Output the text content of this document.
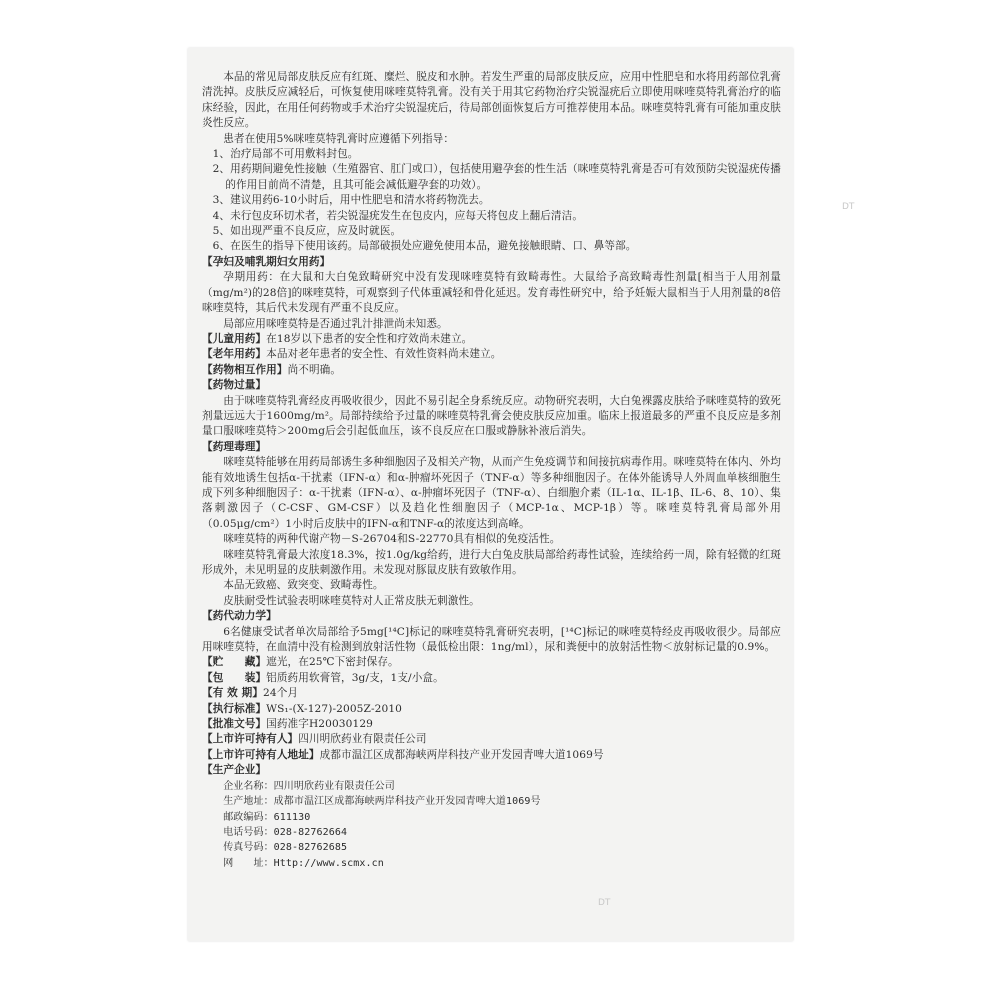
本品的常见局部皮肤反应有红斑、糜烂、脱皮和水肿。若发生严重的局部皮肤反应，应用中性肥皂和水将用药部位乳膏清洗掉。皮肤反应减轻后，可恢复使用咪喹莫特乳膏。没有关于用其它药物治疗尖锐湿疣后立即使用咪喹莫特乳膏治疗的临床经验，因此，在用任何药物或手术治疗尖锐湿疣后，待局部创面恢复后方可推荐使用本品。咪喹莫特乳膏有可能加重皮肤炎性反应。

患者在使用5%咪喹莫特乳膏时应遵循下列指导：

1、治疗局部不可用敷料封包。

2、用药期间避免性接触（生殖器官、肛门或口），包括使用避孕套的性生活（咪喹莫特乳膏是否可有效预防尖锐湿疣传播的作用目前尚不清楚，且其可能会减低避孕套的功效）。

3、建议用药6-10小时后，用中性肥皂和清水将药物洗去。

4、未行包皮环切术者，若尖锐湿疣发生在包皮内，应每天将包皮上翻后清洁。

5、如出现严重不良反应，应及时就医。

6、在医生的指导下使用该药。局部破损处应避免使用本品，避免接触眼睛、口、鼻等部。

【孕妇及哺乳期妇女用药】

孕期用药：在大鼠和大白兔致畸研究中没有发现咪喹莫特有致畸毒性。大鼠给予高致畸毒性剂量[相当于人用剂量（mg/m²)的28倍]的咪喹莫特，可观察到子代体重减轻和骨化延迟。发育毒性研究中，给予妊娠大鼠相当于人用剂量的8倍咪喹莫特，其后代未发现有严重不良反应。

局部应用咪喹莫特是否通过乳汁排泄尚未知悉。

【儿童用药】在18岁以下患者的安全性和疗效尚未建立。

【老年用药】本品对老年患者的安全性、有效性资料尚未建立。

【药物相互作用】尚不明确。

【药物过量】

由于咪喹莫特乳膏经皮再吸收很少，因此不易引起全身系统反应。动物研究表明，大白兔裸露皮肤给予咪喹莫特的致死剂量远远大于1600mg/m²。局部持续给予过量的咪喹莫特乳膏会使皮肤反应加重。临床上报道最多的严重不良反应是多剂量口服咪喹莫特＞200mg后会引起低血压，该不良反应在口服或静脉补液后消失。

【药理毒理】

咪喹莫特能够在用药局部诱生多种细胞因子及相关产物，从而产生免疫调节和间接抗病毒作用。咪喹莫特在体内、外均能有效地诱生包括α-干扰素（IFN-α）和α-肿瘤坏死因子（TNF-α）等多种细胞因子。在体外能诱导人外周血单核细胞生成下列多种细胞因子：α-干扰素（IFN-α）、α-肿瘤坏死因子（TNF-α）、白细胞介素（IL-1α、IL-1β、IL-6、8、10）、集落刺激因子（C-CSF、GM-CSF）以及趋化性细胞因子（MCP-1α、MCP-1β）等。咪喹莫特乳膏局部外用（0.05μg/cm²）1小时后皮肤中的IFN-α和TNF-α的浓度达到高峰。

咪喹莫特的两种代谢产物－S-26704和S-22770具有相似的免疫活性。

咪喹莫特乳膏最大浓度18.3%，按1.0g/kg给药，进行大白兔皮肤局部给药毒性试验，连续给药一周，除有轻微的红斑形成外，未见明显的皮肤刺激作用。未发现对豚鼠皮肤有致敏作用。

本品无致癌、致突变、致畸毒性。

皮肤耐受性试验表明咪喹莫特对人正常皮肤无刺激性。

【药代动力学】

6名健康受试者单次局部给予5mg[¹⁴C]标记的咪喹莫特乳膏研究表明，[¹⁴C]标记的咪喹莫特经皮再吸收很少。局部应用咪喹莫特，在血清中没有检测到放射活性物（最低检出限：1ng/ml），尿和粪便中的放射活性物＜放射标记量的0.9%。

【贮　　藏】遮光，在25℃下密封保存。

【包　　装】铝质药用软膏管，3g/支，1支/小盒。

【有 效 期】24个月

【执行标准】WS₁-(X-127)-2005Z-2010

【批准文号】国药准字H20030129

【上市许可持有人】四川明欣药业有限责任公司

【上市许可持有人地址】成都市温江区成都海峡两岸科技产业开发园青啤大道1069号

【生产企业】

企业名称：四川明欣药业有限责任公司

生产地址：成都市温江区成都海峡两岸科技产业开发园青啤大道1069号

邮政编码：611130

电话号码：028-82762664

传真号码：028-82762685

网　　址：Http://www.scmx.cn

DT
DT
